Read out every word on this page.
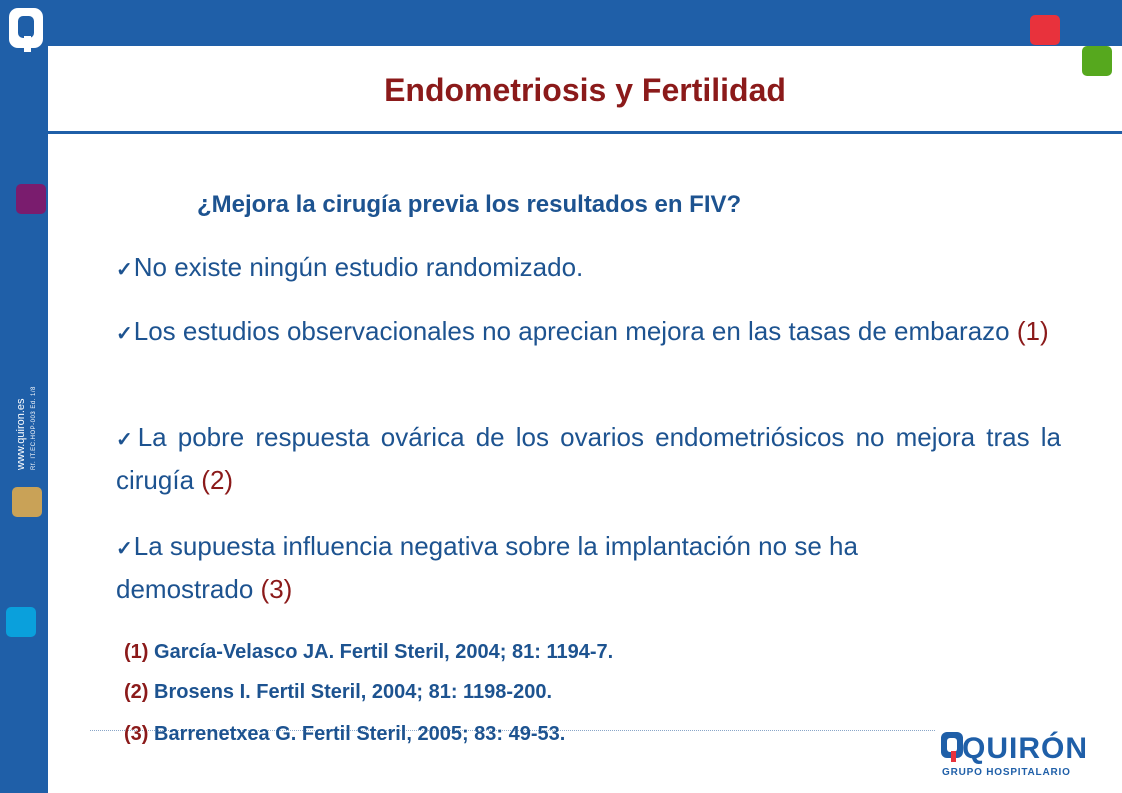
www.quiron.es Rf. IT.EC.HOP-003 Ed. 1/8
Endometriosis y Fertilidad
¿Mejora la cirugía previa los resultados en FIV?
✓No existe ningún estudio randomizado.
✓Los estudios observacionales no aprecian mejora en las tasas de embarazo (1)
✓La pobre respuesta ovárica de los ovarios endometriósicos no mejora tras la cirugía (2)
✓La supuesta influencia negativa sobre la implantación no se ha demostrado (3)
(1) García-Velasco JA. Fertil Steril, 2004; 81: 1194-7.
(2) Brosens I. Fertil Steril, 2004; 81: 1198-200.
(3) Barrenetxea G. Fertil Steril, 2005; 83: 49-53.	QUIRÓN
GRUPO HOSPITALARIO
